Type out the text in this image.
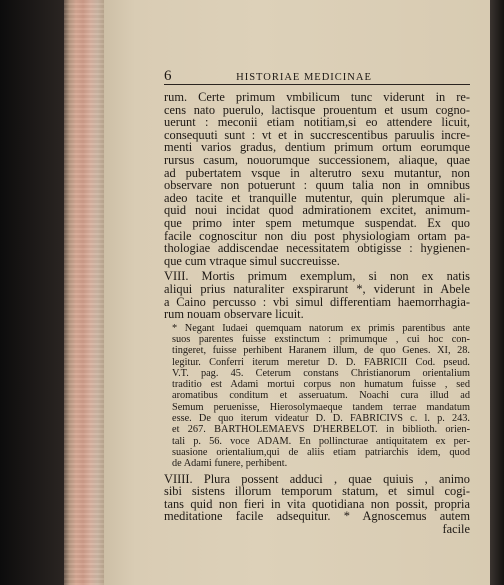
6	HISTORIAE MEDICINAE
rum. Certe primum vmbilicum tunc viderunt in re-
cens nato puerulo, lactisque prouentum et usum cogno-
uerunt : meconii etiam notitiam,si eo attendere licuit,
consequuti sunt : vt et in succrescentibus paruulis incre-
menti varios gradus, dentium primum ortum eorumque
rursus casum, nouorumque successionem, aliaque, quae
ad pubertatem vsque in alterutro sexu mutantur, non
observare non potuerunt : quum talia non in omnibus
adeo tacite et tranquille mutentur, quin plerumque ali-
quid noui incidat quod admirationem excitet, animum-
que primo inter spem metumque suspendat. Ex quo
facile cognoscitur non diu post physiologiam ortam pa-
thologiae addiscendae necessitatem obtigisse : hygienen-
que cum vtraque simul succreuisse.
VIII. Mortis primum exemplum, si non ex natis
aliqui prius naturaliter exspirarunt *, viderunt in Abele
a Caino percusso : vbi simul differentiam haemorrhagia-
rum nouam observare licuit.
* Negant Iudaei quemquam natorum ex primis parentibus ante
suos parentes fuisse exstinctum : primumque , cui hoc con-
tingeret, fuisse perhibent Haranem illum, de quo Genes. XI, 28.
legitur. Conferri iterum meretur D. D. FABRICII Cod. pseud.
V.T. pag. 45. Ceterum constans Christianorum orientalium
traditio est Adami mortui corpus non humatum fuisse , sed
aromatibus conditum et asseruatum. Noachi cura illud ad
Semum peruenisse, Hierosolymaeque tandem terrae mandatum
esse. De quo iterum videatur D. D. FABRICIVS c. l. p. 243.
et 267. BARTHOLEMAEVS D'HERBELOT. in biblioth. orien-
tali p. 56. voce ADAM. En pollincturae antiquitatem ex per-
suasione orientalium,qui de aliis etiam patriarchis idem, quod
de Adami funere, perhibent.
VIIII. Plura possent adduci , quae quiuis , animo
sibi sistens illorum temporum statum, et simul cogi-
tans quid non fieri in vita quotidiana non possit, propria
meditatione facile adsequitur. * Agnoscemus autem
facile
